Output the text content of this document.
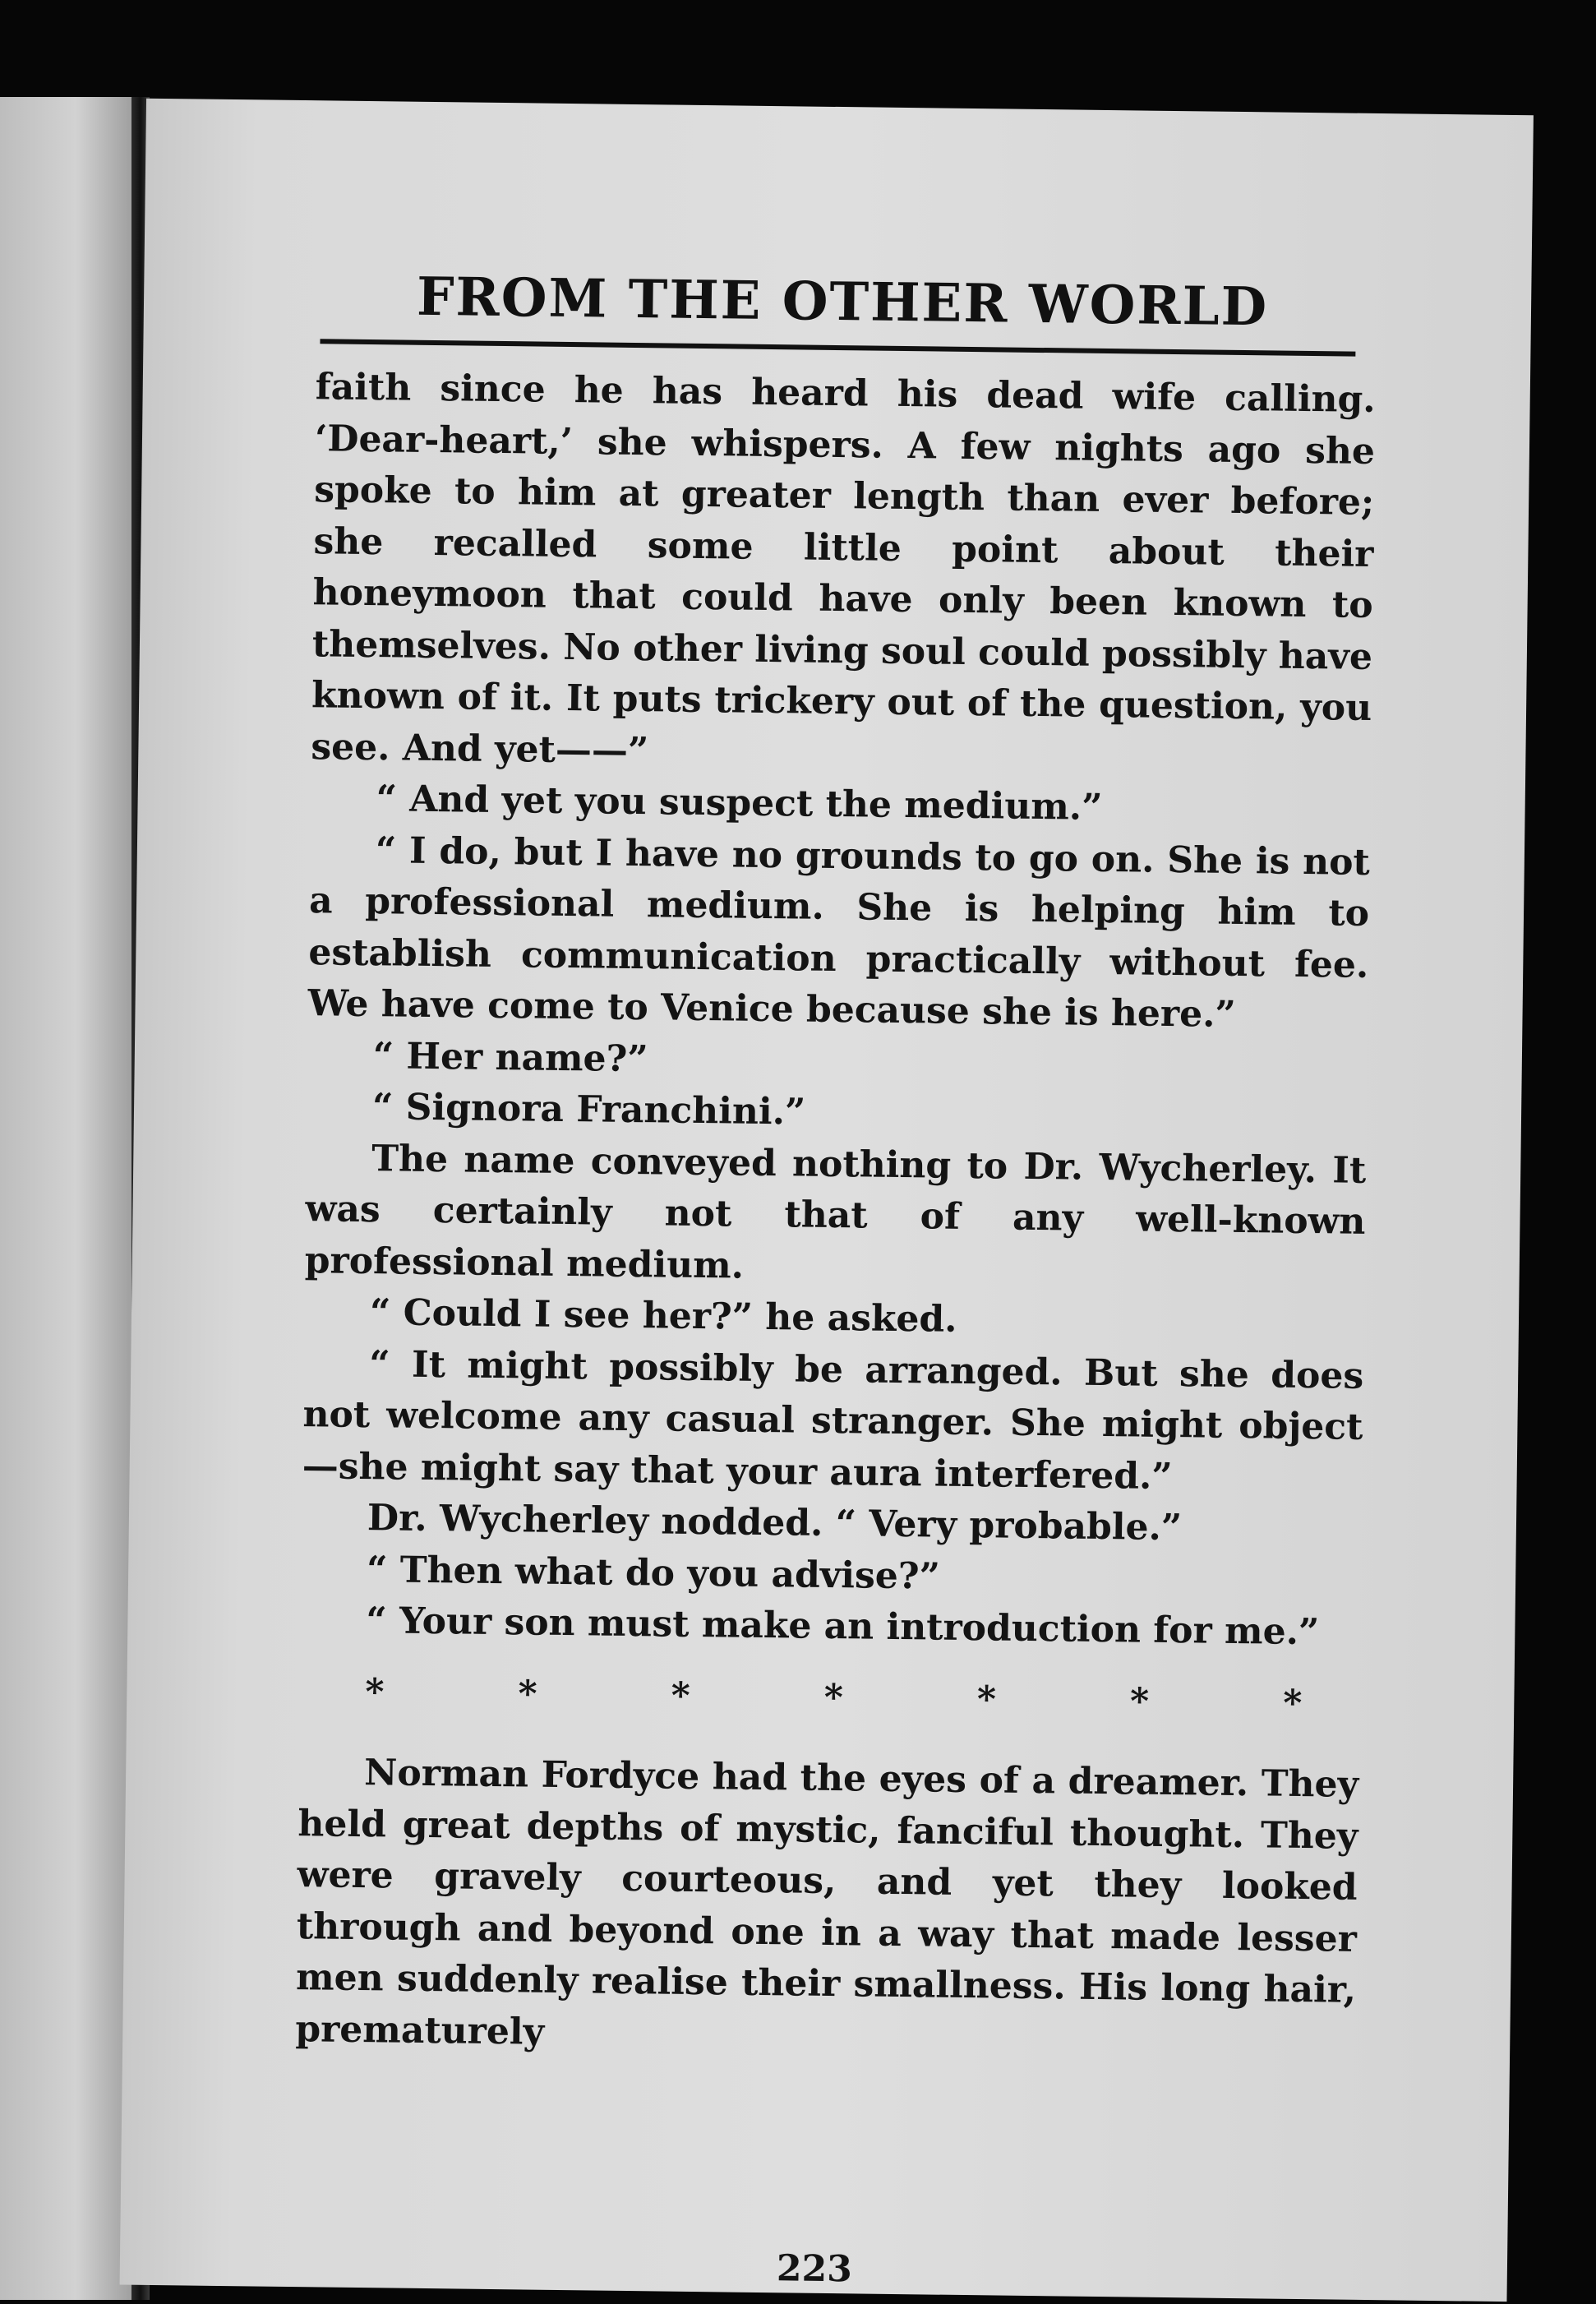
FROM THE OTHER WORLD

faith since he has heard his dead wife calling. ‘Dear-heart,’ she whispers. A few nights ago she spoke to him at greater length than ever before; she recalled some little point about their honeymoon that could have only been known to themselves. No other living soul could possibly have known of it. It puts trickery out of the question, you see. And yet——”

“ And yet you suspect the medium.”

“ I do, but I have no grounds to go on. She is not a professional medium. She is helping him to establish communication practically without fee. We have come to Venice because she is here.”

“ Her name?”

“ Signora Franchini.”

The name conveyed nothing to Dr. Wycherley. It was certainly not that of any well-known professional medium.

“ Could I see her?” he asked.

“ It might possibly be arranged. But she does not welcome any casual stranger. She might object—she might say that your aura interfered.”

Dr. Wycherley nodded. “ Very probable.”

“ Then what do you advise?”

“ Your son must make an introduction for me.”

*	*	*	*	*	*	*

Norman Fordyce had the eyes of a dreamer. They held great depths of mystic, fanciful thought. They were gravely courteous, and yet they looked through and beyond one in a way that made lesser men suddenly realise their smallness. His long hair, prematurely

223
